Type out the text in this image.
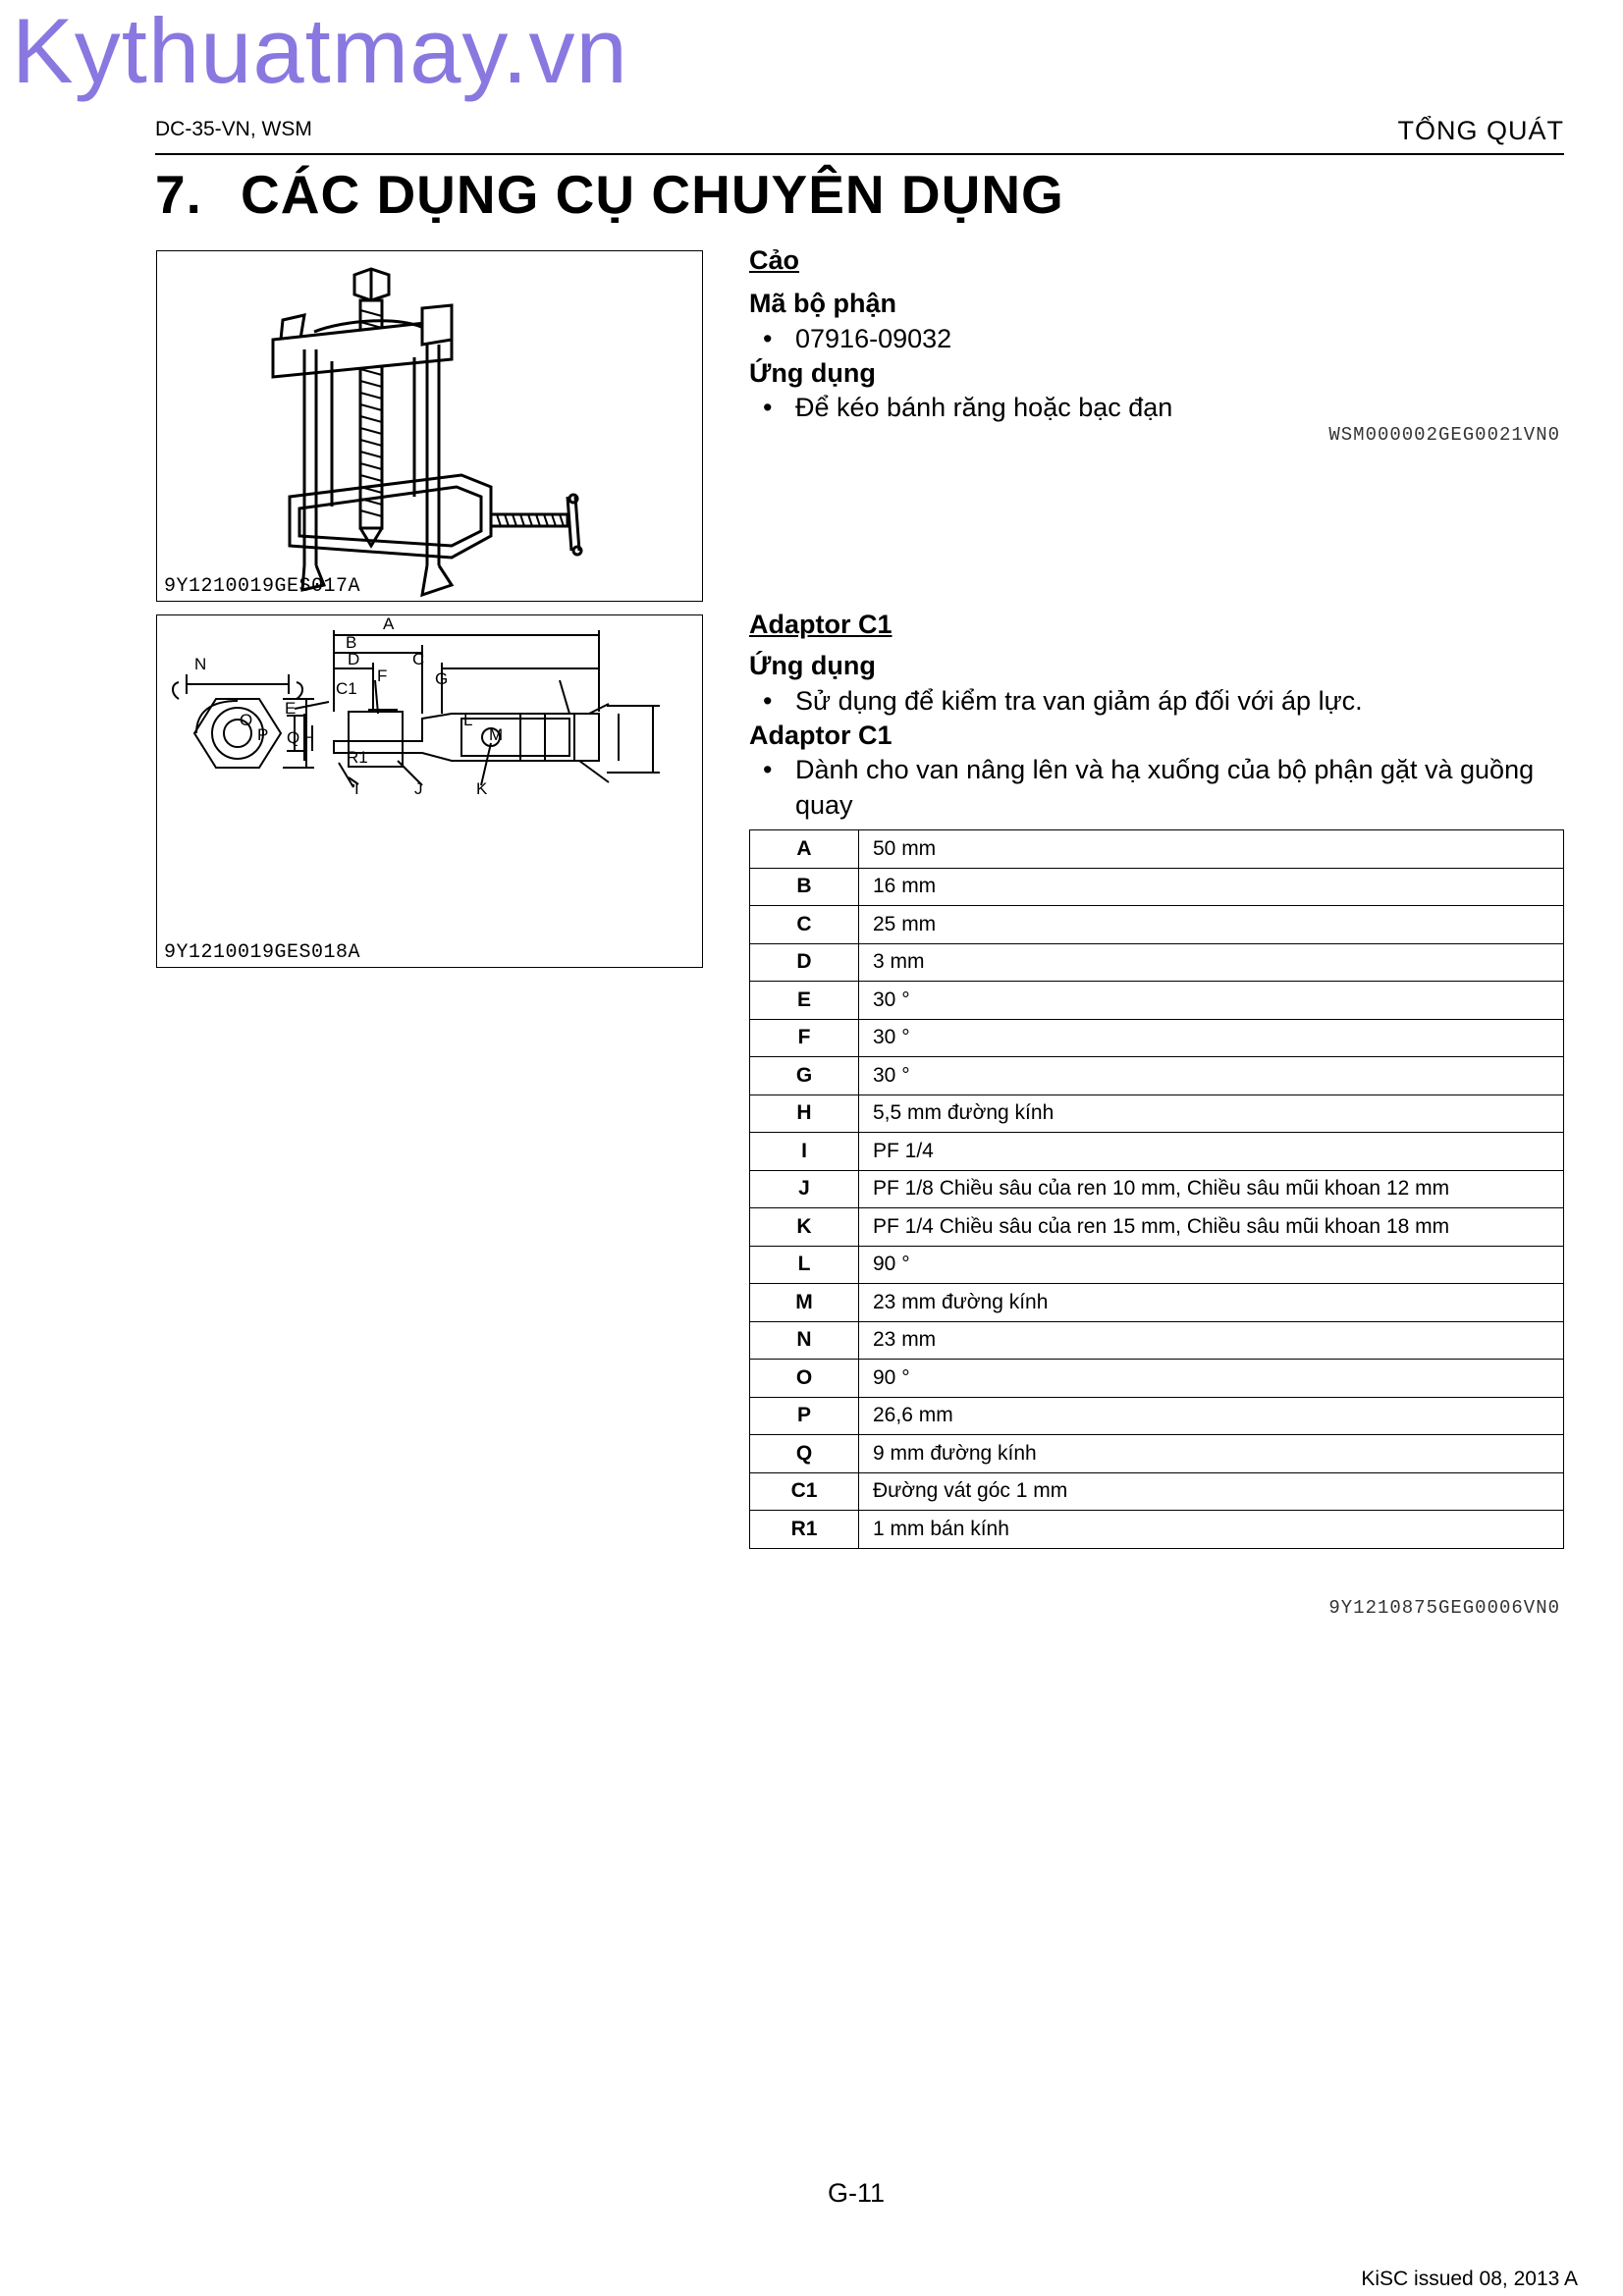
Kythuatmay.vn
DC-35-VN, WSM	TỔNG QUÁT
7. CÁC DỤNG CỤ CHUYÊN DỤNG
9Y1210019GES017A
A
B
C
D
N
C1
F	G
E
O
P Q H
L
M
R1
I	J	K
9Y1210019GES018A
Cảo
Mã bộ phận
• 07916-09032
Ứng dụng
• Để kéo bánh răng hoặc bạc đạn
WSM000002GEG0021VN0
Adaptor C1
Ứng dụng
• Sử dụng để kiểm tra van giảm áp đối với áp lực.
Adaptor C1
• Dành cho van nâng lên và hạ xuống của bộ phận gặt và guồng quay
A	50 mm
B	16 mm
C	25 mm
D	3 mm
E	30 °
F	30 °
G	30 °
H	5,5 mm đường kính
I	PF 1/4
J	PF 1/8 Chiều sâu của ren 10 mm, Chiều sâu mũi khoan 12 mm
K	PF 1/4 Chiều sâu của ren 15 mm, Chiều sâu mũi khoan 18 mm
L	90 °
M	23 mm đường kính
N	23 mm
O	90 °
P	26,6 mm
Q	9 mm đường kính
C1	Đường vát góc 1 mm
R1	1 mm bán kính
9Y1210875GEG0006VN0
G-11
KiSC issued 08, 2013 A
